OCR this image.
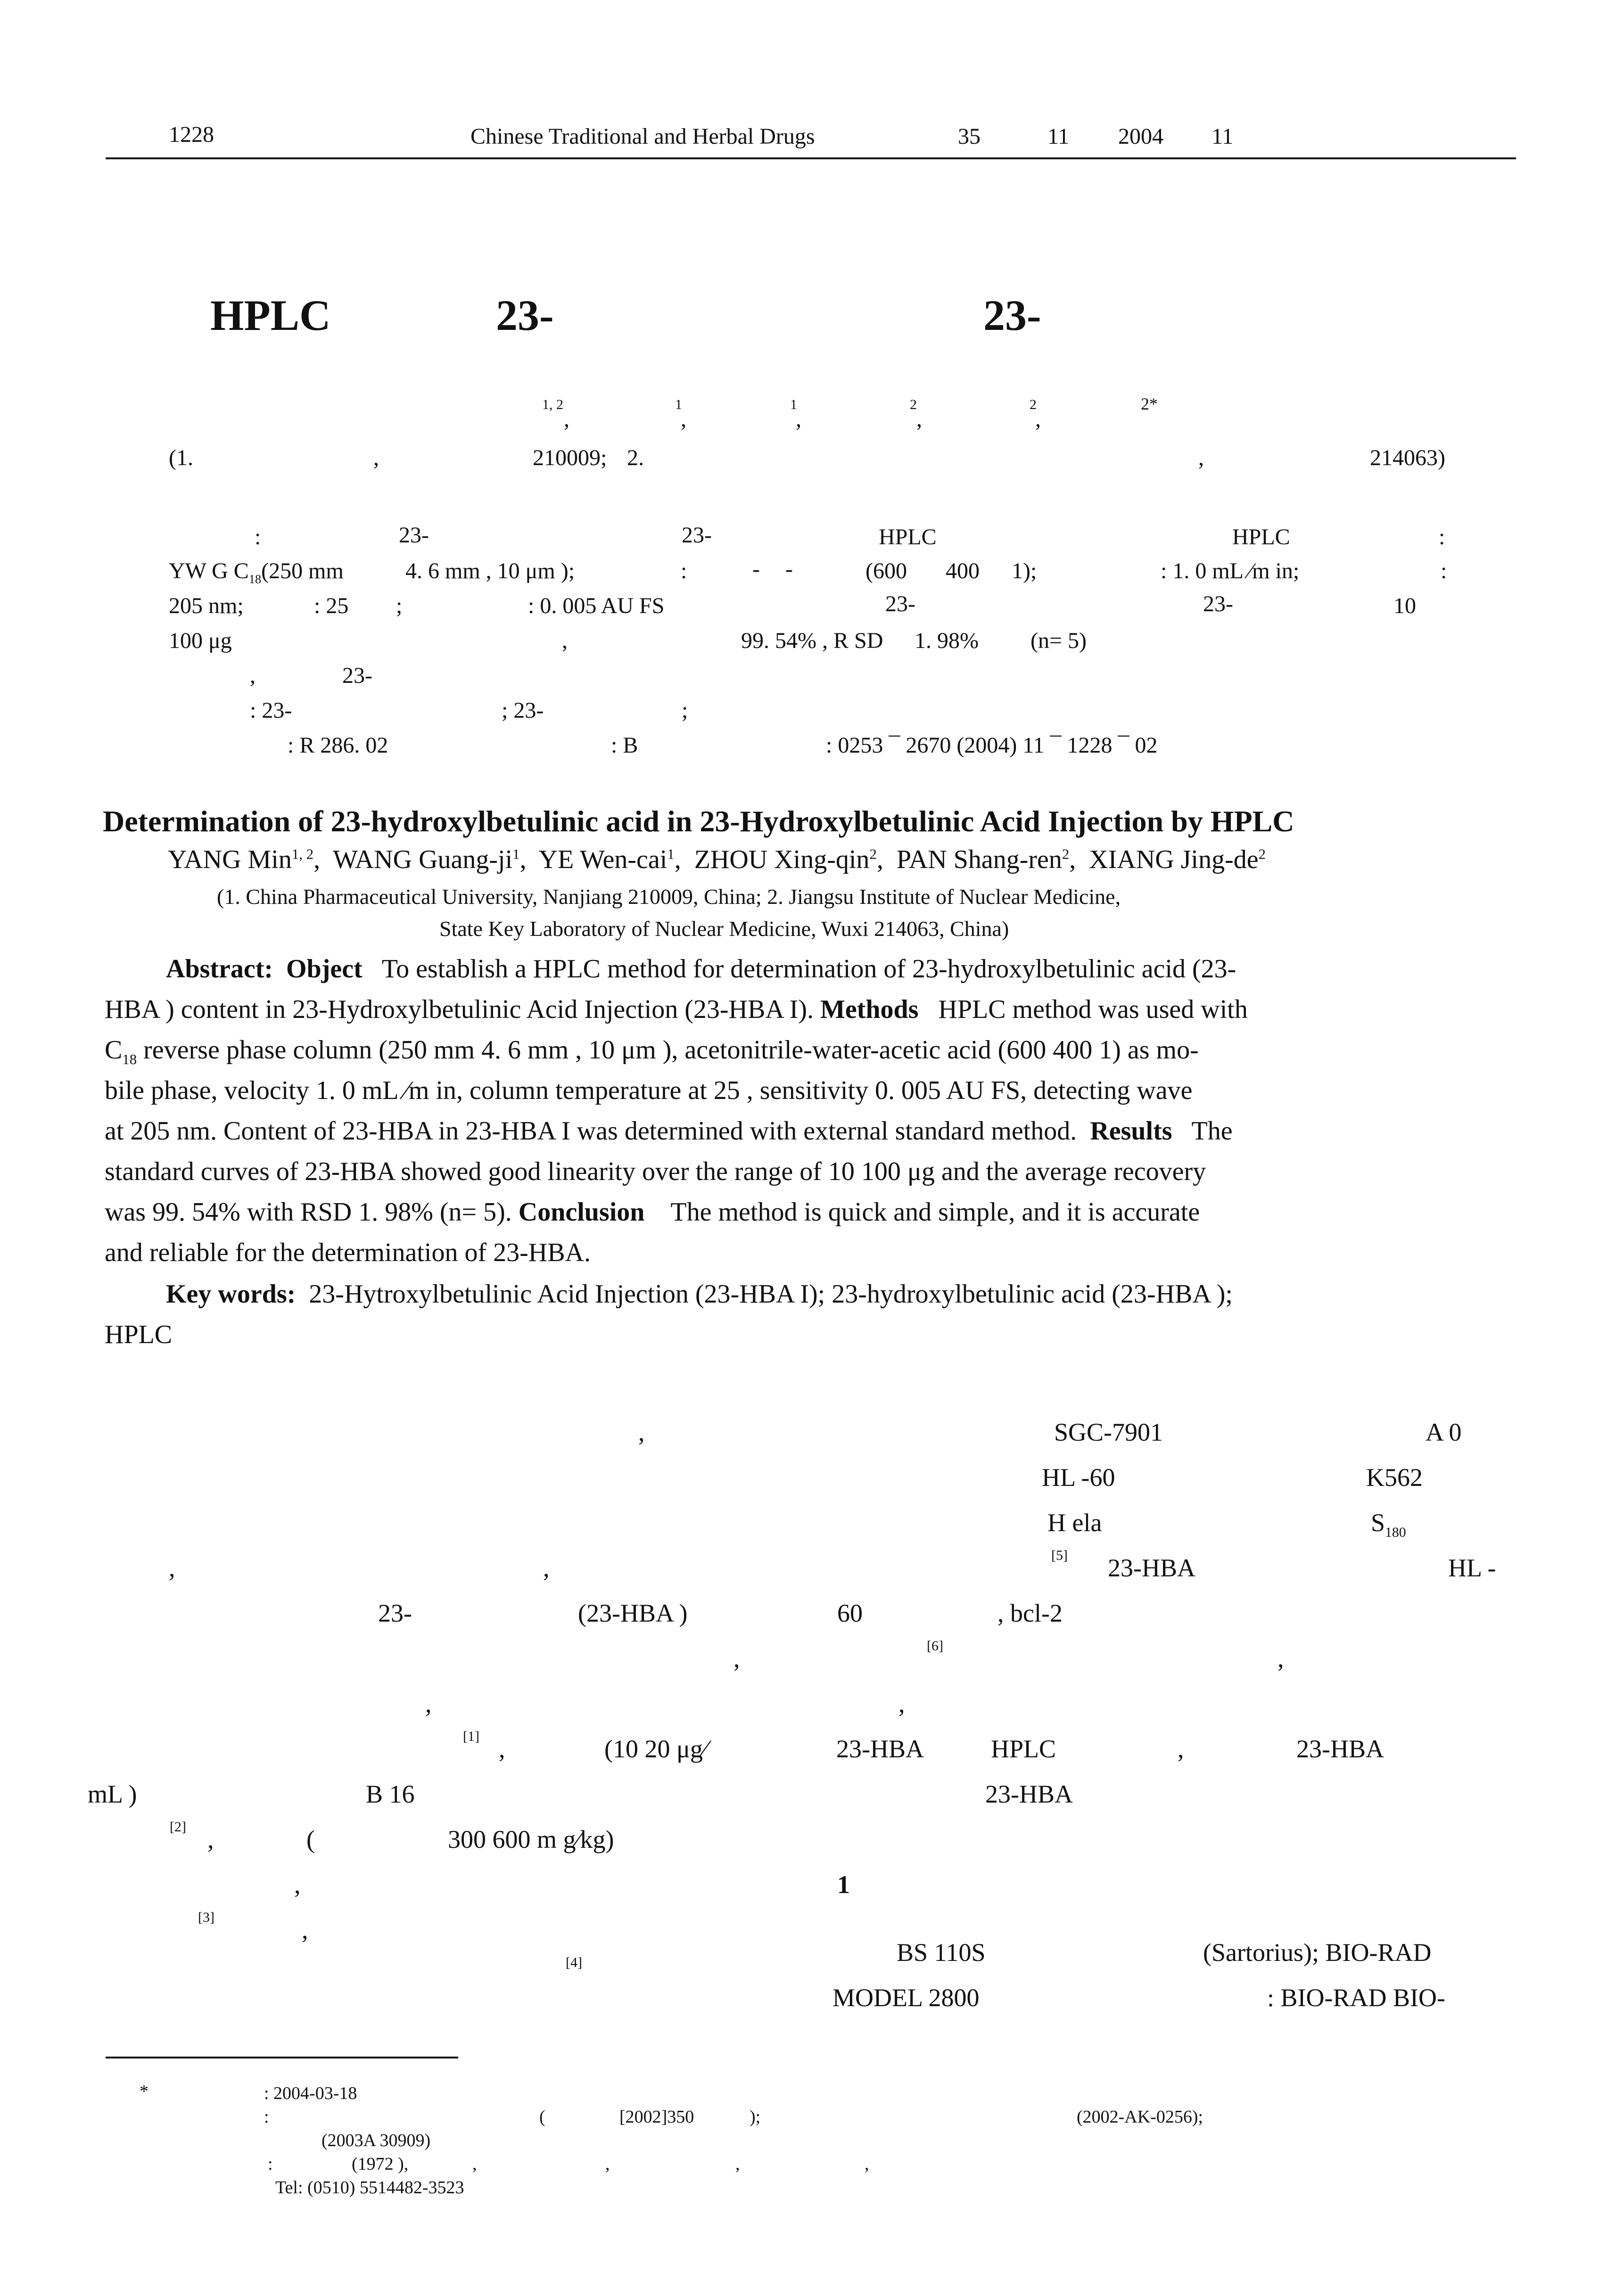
1228	Chinese Traditional and Herbal Drugs	35	11 2004 11
HPLC	23-	23-
1, 2
,
1
,
1
,
2
,
2
,
2*
(1.	,	210009; 2.	,	214063)
:	23-	23-	HPLC	HPLC	:
YW G $C_{18}(250$ mm	4. 6 mm , 10 μm );	:	- -	(600 400 1);	: 1. 0 mL ∕m in;	:
205 nm;	: 25 ;	: 0. 005 AU FS	23-	23-	10
100 μg	,	99. 54% , R SD 1. 98% (n= 5)
,	23-
: 23-	; 23-	;
: R 286. 02	: B	: 0253 ¯ 2670 (2004) 11 ¯ 1228 ¯ 02
Determination of 23-hydroxylbetulinic acid in 23-Hydroxylbetulinic Acid Injection by HPLC
YANG Min$^{1, 2}$,  WANG Guang-$ji^1$,  YE Wen-cai$^1$,  ZHOU Xing-qin$^2$,  PAN Shang-ren$^2$,  XIANG Jing-$de^2$
(1. China Pharmaceutical University, Nanjiang 210009, China; 2. Jiangsu Institute of Nuclear Medicine,
State Key Laboratory of Nuclear Medicine, Wuxi 214063, China)
Abstract: Object To establish a HPLC method for determination of 23-hydroxylbetulinic acid (23-
HBA ) content in 23-Hydroxylbetulinic Acid Injection (23-HBA I). Methods HPLC method was used with
$C_{18}$ reverse phase column (250 mm 4. 6 mm , 10 μm ), acetonitrile-water-acetic acid (600 400 1) as mo-
bile phase, velocity 1. 0 mL ∕m in, column temperature at 25 , sensitivity 0. 005 AU FS, detecting wave
at 205 nm. Content of 23-HBA in 23-HBA I was determined with external standard method. Results The
standard curves of 23-HBA showed good linearity over the range of 10 100 μg and the average recovery
was 99. 54% with RSD 1. 98% (n= 5). Conclusion The method is quick and simple, and it is accurate
and reliable for the determination of 23-HBA.
Key words: 23-Hytroxylbetulinic Acid Injection (23-HBA I); 23-hydroxylbetulinic acid (23-HBA );
HPLC
,
,	,
23-	(23-HBA )	60	, bcl-2
,
,	,
[1] ,	(10 20 μg∕
mL )	B 16
[2] ,	(	300 600 m g∕kg)
,
[3]	,
[4]
SGC-7901	A 0
HL -60	K562
H ela	$S_{180}$
[5] 23-HBA	HL -
[6]	,
23-HBA	HPLC	,	23-HBA
23-HBA
1
BS 110S	(Sartorius); BIO-RAD
MODEL 2800	: BIO-RAD BIO-
*	: 2004-03-18
:	(	[2002]350	);	(2002-AK-0256);
(2003A 30909)
:	(1972 ),	,	,	,	,
Tel: (0510) 5514482-3523
